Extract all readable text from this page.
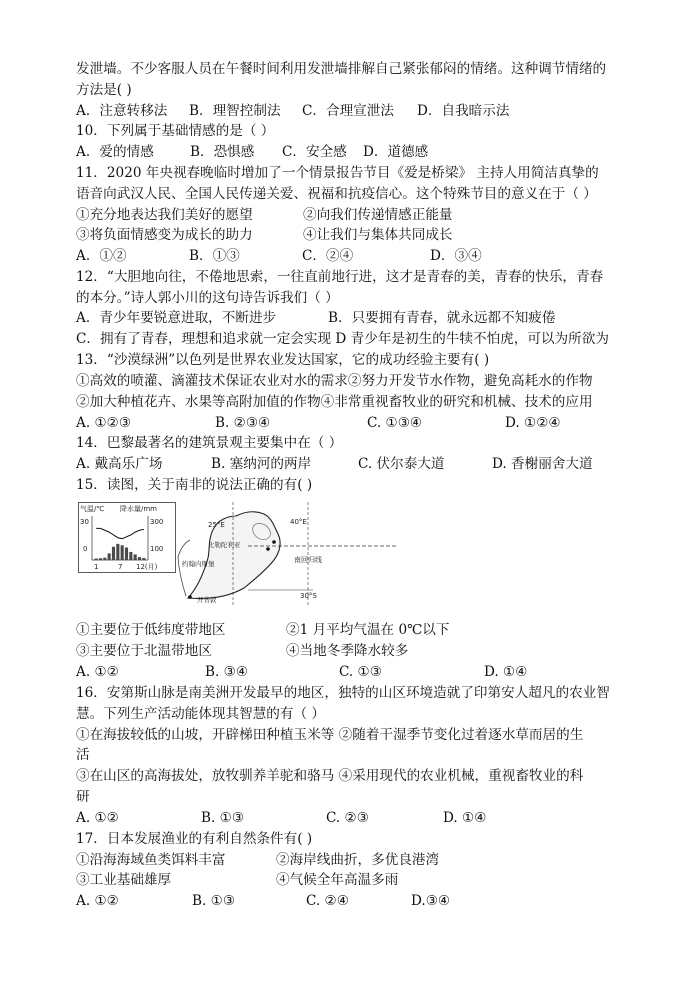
发泄墙。不少客服人员在午餐时间利用发泄墙排解自己紧张郁闷的情绪。这种调节情绪的
方法是( )
A．注意转移法 B．理智控制法 C．合理宣泄法 D．自我暗示法
10．下列属于基础情感的是（ ）
A．爱的情感	B．恐惧感 C．安全感 D．道德感
11．2020 年央视春晚临时增加了一个情景报告节目《爱是桥梁》 主持人用简洁真挚的
语音向武汉人民、全国人民传递关爱、祝福和抗疫信心。这个特殊节目的意义在于（ ）
①充分地表达我们美好的愿望	②向我们传递情感正能量
③将负面情感变为成长的助力	④让我们与集体共同成长
A．①②	B．①③	C．②④	D．③④
12．“大胆地向往，不倦地思索，一往直前地行进，这才是青春的美，青春的快乐，青春
的本分。”诗人郭小川的这句诗告诉我们（ ）
A．青少年要锐意进取，不断进步	B．只要拥有青春，就永远都不知疲倦
C．拥有了青春，理想和追求就一定会实现 D 青少年是初生的牛犊不怕虎，可以为所欲为
13．“沙漠绿洲”以色列是世界农业发达国家，它的成功经验主要有( )
①高效的喷灌、滴灌技术保证农业对水的需求②努力开发节水作物，避免高耗水的作物
②加大种植花卉、水果等高附加值的作物④非常重视畜牧业的研究和机械、技术的应用
A. ①②③	B. ②③④	C. ①③④	D. ①②④
14．巴黎最著名的建筑景观主要集中在（ ）
A. 戴高乐广场	B. 塞纳河的两岸	C. 伏尔泰大道	D. 香榭丽舍大道
15．读图，关于南非的说法正确的有( )
气温/℃ 降水量/mm
30
0
300
100
1	7 12(月)
25°E	40°E
南回归线
30°S
比勒陀利亚
约翰内斯堡
开普敦
①主要位于低纬度带地区	②1 月平均气温在 0℃以下
③主要位于北温带地区	④当地冬季降水较多
A. ①②	B. ③④	C. ①③	D. ①④
16．安第斯山脉是南美洲开发最早的地区，独特的山区环境造就了印第安人超凡的农业智
慧。下列生产活动能体现其智慧的有（ ）
①在海拔较低的山坡，开辟梯田种植玉米等 ②随着干湿季节变化过着逐水草而居的生
活
③在山区的高海拔处，放牧驯养羊驼和骆马 ④采用现代的农业机械，重视畜牧业的科
研
A. ①②	B. ①③	C. ②③	D. ①④
17．日本发展渔业的有利自然条件有( )
①沿海海域鱼类饵料丰富	②海岸线曲折，多优良港湾
③工业基础雄厚	④气候全年高温多雨
A. ①②	B. ①③	C. ②④	D.③④
